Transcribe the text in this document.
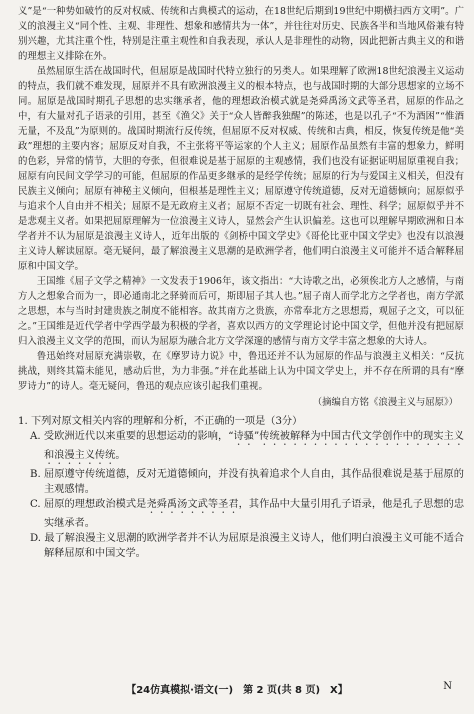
义”是“一种势如破竹的反对权威、传统和古典模式的运动，在18世纪后期到19世纪中期横扫西方文明”。广义的浪漫主义“同个性、主观、非理性、想象和感情共为一体”，并往往对历史、民族各半和当地风俗兼有特别兴趣，尤其注重个性，特别是注重主观性和自我表现，承认人是非理性的动物，因此把新古典主义的和谐的理想主义排除在外。

虽然屈原生活在战国时代，但屈原是战国时代特立独行的另类人。如果理解了欧洲18世纪浪漫主义运动的特点，我们就不难发现，屈原并不具有欧洲浪漫主义的根本特点，也与战国时期的大部分思想家的立场不同。屈原是战国时期孔子思想的忠实继承者，他的理想政治模式就是尧舜禹汤文武等圣君，屈原的作品之中，有大量对孔子语录的引用，甚至《渔父》关于“众人皆醉我独醒”的陈述，也是以孔子“不为酒困”“惟酒无量，不及乱”为原则的。战国时期流行反传统，但屈原不反对权威、传统和古典，相反，恢复传统是他“美政”理想的主要内容；屈原反对自我，不主张将平等运家的个人主义；屈原作品虽然有丰富的想象力，鲜明的色彩，异常的情节，大胆的夸张，但很难说是基于屈原的主观感情，我们也没有证据证明屈原重视自我；屈原有向民间文学学习的可能，但屈原的作品更多继承的是经学传统；屈原的行为与爱国主义相关，但没有民族主义倾向；屈原有神秘主义倾向，但根基是理性主义；屈原遵守传统道德，反对无道德倾向；屈原似乎与追求个人自由并不相关；屈原不是无政府主义者；屈原不否定一切既有社会、理性、科学；屈原似乎并不是悲观主义者。如果把屈原理解为一位浪漫主义诗人，显然会产生认识偏差。这也可以理解早期欧洲和日本学者并不认为屈原是浪漫主义诗人，近年出版的《剑桥中国文学史》《哥伦比亚中国文学史》也没有以浪漫主义诗人解读屈原。毫无疑问，最了解浪漫主义思潮的是欧洲学者，他们明白浪漫主义可能并不适合解释屈原和中国文学。

王国维《屈子文学之精神》一文发表于1906年，该文指出：“大诗歌之出，必须俟北方人之感情，与南方人之想象合而为一，即必通南北之驿骑而后可，斯即屈子其人也。”屈子南人而学北方之学者也，南方学派之思想，本与当时封建贵族之制度不能相容。故其南方之贵族，亦常奉北方之思想焉，观屈子之文，可以征之。”王国维是近代学者中学西学最为积极的学者，喜欢以西方的文学理论讨论中国文学，但他并没有把屈原归入浪漫主义文学的范围，而认为屈原为融合北方文学深邃的感情与南方文学丰富之想象的大诗人。

鲁迅始终对屈原充满崇敬，在《摩罗诗力说》中，鲁迅还并不认为屈原的作品与浪漫主义相关：“反抗挑战，则终其篇未能见，感动后世，为力非强。”并在此基础上认为中国文学史上，并不存在所谓的具有“摩罗诗力”的诗人。毫无疑问，鲁迅的观点应该引起我们重视。

（摘编自方铭《浪漫主义与屈原》）

1. 下列对原文相关内容的理解和分析，不正确的一项是（3分）

A. 受欧洲近代以来重要的思想运动的影响，“诗骚”传统被解释为中国古代文学创作中的现实主义和浪漫主义传统。

B. 屈原遵守传统道德，反对无道德倾向，并没有执着追求个人自由，其作品很难说是基于屈原的主观感情。

C. 屈原的理想政治模式是尧舜禹汤文武等圣君，其作品中大量引用孔子语录，他是孔子思想的忠实继承者。

D. 最了解浪漫主义思潮的欧洲学者并不认为屈原是浪漫主义诗人，他们明白浪漫主义可能不适合解释屈原和中国文学。

【24仿真模拟·语文(一)　第 2 页(共 8 页)　X】	N
